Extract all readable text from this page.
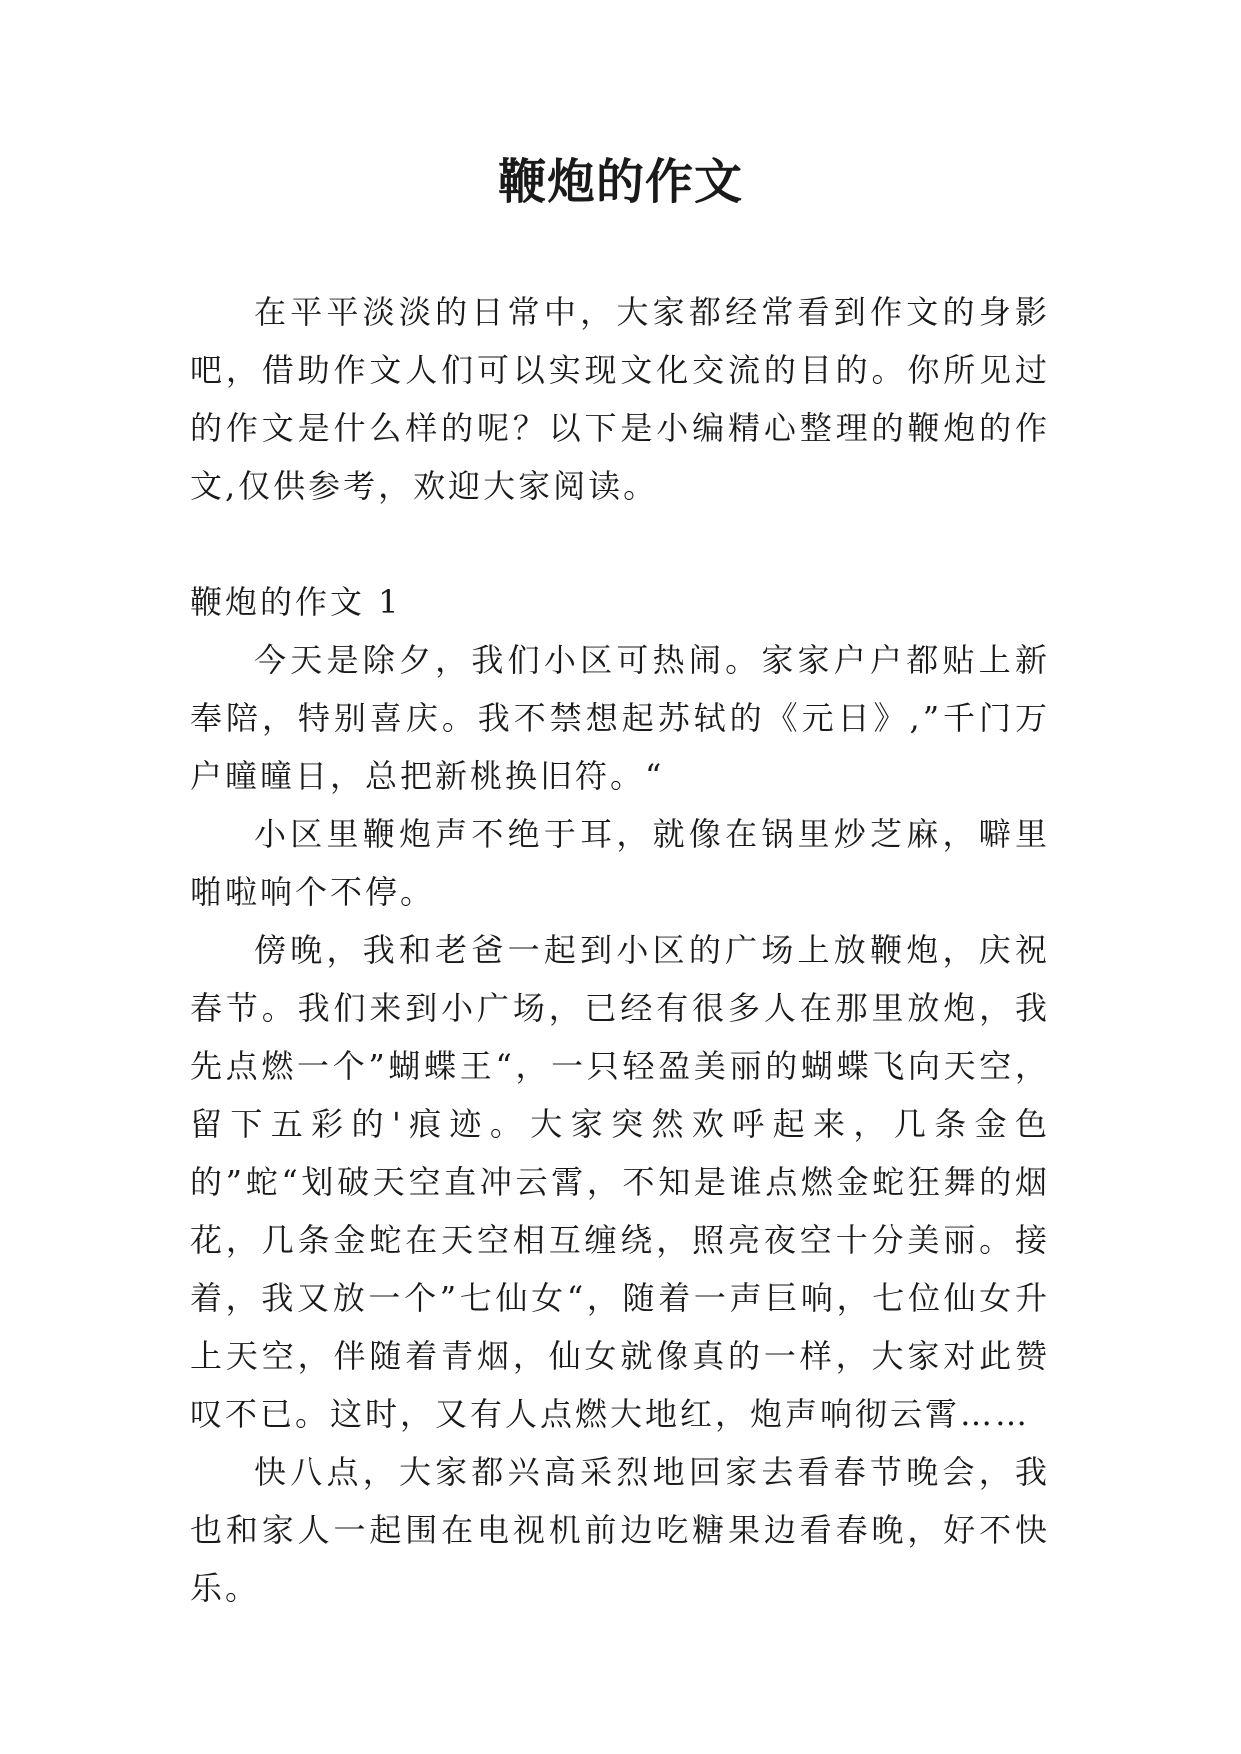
鞭炮的作文

在平平淡淡的日常中，大家都经常看到作文的身影吧，借助作文人们可以实现文化交流的目的。你所见过的作文是什么样的呢？以下是小编精心整理的鞭炮的作文,仅供参考，欢迎大家阅读。

鞭炮的作文 1

今天是除夕，我们小区可热闹。家家户户都贴上新奉陪，特别喜庆。我不禁想起苏轼的《元日》,”千门万户曈曈日，总把新桃换旧符。“

小区里鞭炮声不绝于耳，就像在锅里炒芝麻，噼里啪啦响个不停。

傍晚，我和老爸一起到小区的广场上放鞭炮，庆祝春节。我们来到小广场，已经有很多人在那里放炮，我先点燃一个”蝴蝶王“，一只轻盈美丽的蝴蝶飞向天空，留下五彩的'痕迹。大家突然欢呼起来，几条金色的”蛇“划破天空直冲云霄，不知是谁点燃金蛇狂舞的烟花，几条金蛇在天空相互缠绕，照亮夜空十分美丽。接着，我又放一个”七仙女“，随着一声巨响，七位仙女升上天空，伴随着青烟，仙女就像真的一样，大家对此赞叹不已。这时，又有人点燃大地红，炮声响彻云霄……

快八点，大家都兴高采烈地回家去看春节晚会，我也和家人一起围在电视机前边吃糖果边看春晚，好不快乐。
